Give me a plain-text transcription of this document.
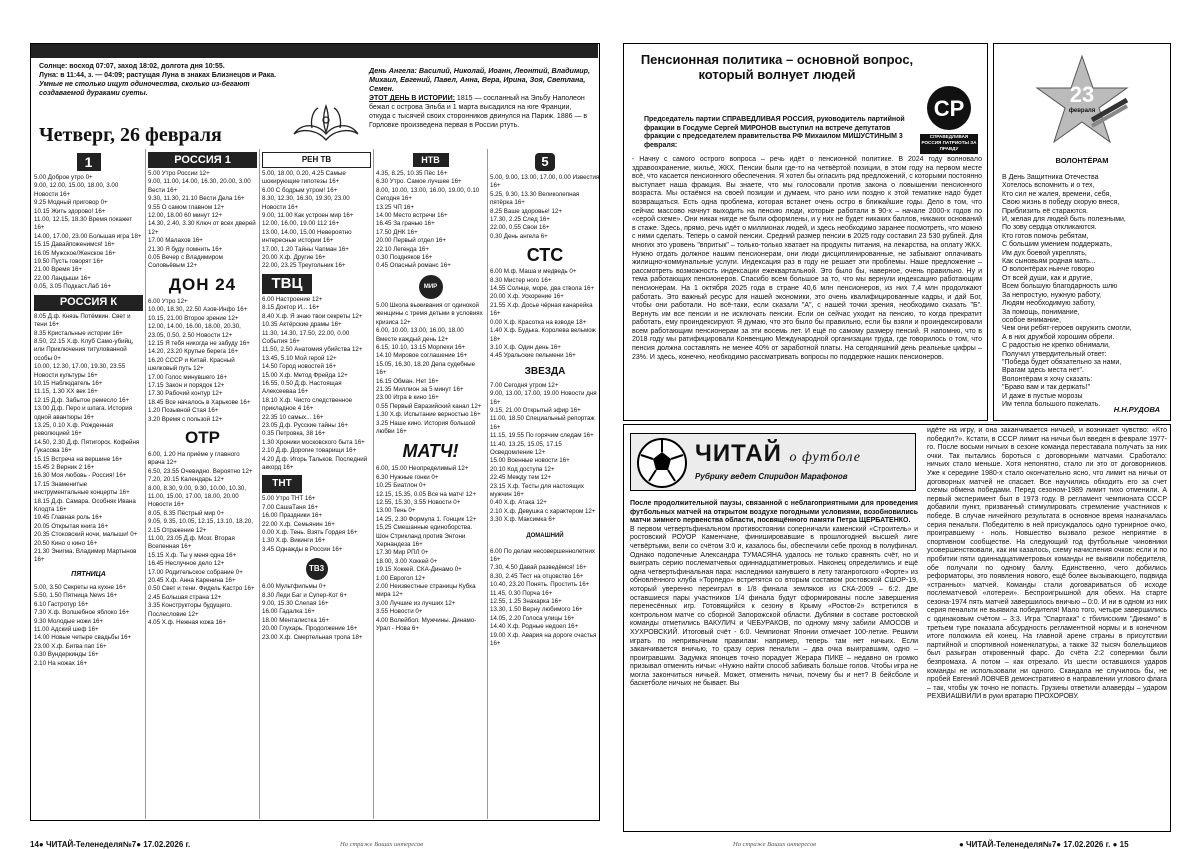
Солнце: восход 07:07, заход 18:02, долгота дня 10:55.

Луна: в 11:44, з. — 04:09; растущая Луна в знаках Близнецов и Рака.

Умные не столько ищут одиночества, сколько из-бегают создаваемой дураками суеты.

Четверг, 26 февраля
День Ангела: Василий, Николай, Иоанн, Леонтий, Владимир, Михаил, Евгений, Павел, Анна, Вера, Ирина, Зоя, Светлана, Семен.
ЭТОТ ДЕНЬ В ИСТОРИИ: 1815 — сосланный на Эльбу Наполеон бежал с острова Эльба и 1 марта высадился на юге Франции, откуда с тысячей своих сторонников двинулся на Париж. 1886 — в Горловке произведена первая в России ртуть.
1

5.00 Доброе утро 0+

9.00, 12.00, 15.00, 18.00, 3.00 Новости 16+

9.25 Модный приговор 0+

10.15 Жить здорово! 16+

11.00, 12.15, 18.30 Время покажет 16+

14.00, 17.00, 23.00 Большая игра 18+

15.15 Давайпоженимся! 16+

16.05 Мужское/Женское 16+

19.50 Пусть говорят 16+

21.00 Время 16+

22.00 Ландыши 16+

0.05, 3.05 Подкаст.Лаб 16+

РОССИЯ К

8.05 Д.ф. Князь Потёмкин. Свет и тени 16+

8.35 Кристальные истории 16+

8.50, 22.15 Х.ф. Клуб Само-убийц, или Приключения титулованной особы 0+

10.00, 12.30, 17.00, 19.30, 23.55 Новости культуры 16+

10.15 Наблюдатель 16+

11.15, 1.30 ХХ век 16+

12.15 Д.ф. Забытое ремесло 16+

13.00 Д.ф. Перо и шпага. История одной авантюры 16+

13.25, 0.10 Х.ф. Рожденная революцией 16+

14.50, 2.30 Д.ф. Пятигорск. Кофейня Гукасова 16+

15.15 Встреча на вершине 16+

15.45 2 Верник 2 16+

16.30 Моя любовь - Россия! 16+

17.15 Знаменитые инструментальные концерты 16+

18.15 Д.ф. Самара. Особняк Ивана Клодта 16+

19.45 Главная роль 16+

20.05 Открытая книга 16+

20.35 Стоковский ночи, малыши! 0+

20.50 Кино о кино 16+

21.30 Энигма. Владимир Мартынов 16+

ПЯТНИЦА

5.00, 3.50 Секреты на кухне 16+

5.50, 1.50 Пятница News 16+

6.10 Гастротур 16+

7.30 Х.ф. Волшебное яблоко 16+

9.30 Молодые ножи 16+

11.00 Адский шеф 16+

14.00 Новые четыре свадьбы 16+

23.00 Х.ф. Битва пап 16+

0.30 Вундеркинды 16+

2.10 На ножах 16+

РОССИЯ 1

5.00 Утро России 12+

9.00, 11.00, 14.00, 16.30, 20.00, 3.00 Вести 16+

9.30, 11.30, 21.10 Вести Дела 16+

9.55 О самом главном 12+

12.00, 18.00 60 минут 12+

14.30, 2.40, 3.30 Ключ от всех дверей 12+

17.00 Малахов 16+

21.30 Я буду помнить 16+

0.05 Вечер с Владимиром Соловьёвым 12+

ДОН 24

6.00 Утро 12+

10.00, 18.30, 22.50 Азов-Инфо 16+

10.15, 21.00 Второе зрение 12+

12.00, 14.00, 16.00, 18.00, 20.30, 23.05, 0.50, 2.50 Новости 12+

12.15 Я тебя никогда не забуду 16+

14.20, 23.20 Крутые берега 16+

16.20 СССР и Китай. Красный шелковый путь 12+

17.00 Голос минувшего 16+

17.15 Закон и порядок 12+

17.30 Рабочий контур 12+

18.45 Все началось в Харькове 16+

1.20 Позывной Стая 16+

3.20 Время с пользой 12+

ОТР

6.00, 1.20 На приёме у главного врача 12+

6.50, 23.55 Очевидно. Вероятно 12+

7.20, 20.15 Календарь 12+

8.00, 8.30, 9.00, 9.30, 10.00, 10.30, 11.00, 15.00, 17.00, 18.00, 20.00 Новости 16+

8.05, 8.35 Пёстрый мир 0+

9.05, 9.35, 10.05, 12.15, 13.10, 18.20, 2.15 Отражение 12+

11.00, 23.05 Д.ф. Мозг. Вторая Вселенная 16+

15.15 Х.ф. Ты у меня одна 16+

16.45 Неслучное дело 12+

17.00 Родительское собрание 0+

20.45 Х.ф. Анна Каренина 16+

0.50 Свет и тени. Фидель Кастро 16+

2.45 Большая страна 12+

3.35 Конструкторы будущего. Послесловие 12+

4.05 Х.ф. Нежная кожа 16+

РЕН ТВ

5.00, 18.00, 0.20, 4.25 Самые шокирующие гипотезы 16+

6.00 С бодрым утром! 16+

8.30, 12.30, 16.30, 19.30, 23.00 Новости 16+

9.00, 11.00 Как устроен мир 16+

12.00, 16.00, 19.00 112 16+

13.00, 14.00, 15.00 Невероятно интересные истории 16+

17.00, 1.20 Тайны Чапман 16+

20.00 Х.ф. Другие 16+

22.00, 23.25 Треугольник 16+

ТВЦ

6.00 Настроение 12+

8.15 Доктор И... 16+

8.40 Х.ф. Я знаю твои секреты 12+

10.35 Актёрские драмы 16+

11.30, 14.30, 17.50, 22.00, 0.00 События 16+

11.50, 2.50 Анатомия убийства 12+

13.45, 5.10 Мой герой 12+

14.50 Город новостей 16+

15.00 Х.ф. Метод Фрейда 12+

16.55, 0.50 Д.ф. Настоящая Алексееваа 16+

18.10 Х.ф. Чисто следственное прикладное 4 16+

22.35 10 самых... 16+

23.05 Д.ф. Русские тайны 16+

0.35 Петровка, 38 16+

1.30 Хроники московского быта 16+

2.10 Д.ф. Дорогие товарищи 16+

4.20 Д.ф. Игорь Тальков. Последний аккорд 16+

ТНТ

5.00 Утро ТНТ 16+

7.00 СашаТаня 16+

16.00 Праздники 16+

22.00 Х.ф. Семьянин 16+

0.00 Х.ф. Тень. Взять Гордея 16+

1.30 Х.ф. Викинги 16+

3.45 Однажды в России 16+

ТВ3

6.00 Мультфильмы 0+

8.30 Леди Баг и Супер-Кот 6+

9.00, 15.30 Слепая 16+

16.00 Гадалка 16+

18.00 Менталистка 16+

20.00 Глухарь. Продолжение 16+

23.00 Х.ф. Смертельная тропа 18+

НТВ

4.35, 8.25, 10.35 Пёс 16+

6.30 Утро. Самое лучшее 16+

8.00, 10.00, 13.00, 16.00, 19.00, 0.10 Сегодня 16+

13.25 ЧП 16+

14.00 Место встречи 16+

16.45 За гранью 16+

17.50 ДНК 16+

20.00 Первый отдел 16+

22.10 Легенда 16+

0.30 Поздняков 16+

0.45 Опасный романс 16+

МИР

5.00 Школа выживания от одинокой женщины с тремя детьми в условиях кризиса 12+

6.00, 10.00, 13.00, 16.00, 18.00 Вместе каждый день 12+

6.15, 10.10, 13.15 Морпехи 16+

14.10 Мировое соглашение 16+

15.05, 16.30, 18.20 Дела судебные 16+

16.15 Обман. Нет 16+

21.35 Миллион за 5 минут 16+

23.00 Игра в кино 16+

0.55 Первый Евразийский канал 12+

1.30 Х.ф. Испытание верностью 16+

3.25 Наше кино. История большой любви 16+

МАТЧ!

6.00, 15.00 Неопределимый 12+

6.30 Нужные гонки 0+

10.25 Биатлон 0+

12.15, 15.35, 0.05 Все на матч! 12+

12.55, 15.30, 3.55 Новости 0+

13.00 Тень 0+

14.25, 2.30 Формула 1. Гонщик 12+

15.25 Смешанные единоборства. Шон Стрикланд против Энтони Хернандеза 16+

17.30 Мир РПЛ 0+

18.00, 3.00 Хоккей 0+

19.15 Хоккей. СКА-Динамо 0+

1.00 Еврогол 12+

2.00 Неизвестные страницы Кубка мира 12+

3.00 Лучшие из лучших 12+

3.55 Новости 0+

4.00 Волейбол. Мужчины. Динамо-Урал - Нова 6+

5

5.00, 9.00, 13.00, 17.00, 0.00 Известия 16+

5.25, 9.30, 13.30 Великолепная пятёрка 16+

8.25 Ваше здоровье! 12+

17.30, 2.25 След 16+

22.00, 0.55 Свои 16+

0.30 День ангела 6+

СТС

6.00 М.ф. Маша и медведь 0+

8.30 Мистер ного 16+

14.55 Солнце, море, два ствола 16+

20.00 Х.ф. Ускорение 16+

21.55 Х.ф. Досье чёрная канарейка 16+

0.00 Х.ф. Красотка на взводе 18+

1.40 Х.ф. Будька. Королева вельмож 18+

3.10 Х.ф. Один день 16+

4.45 Уральские пельмени 16+

ЗВЕЗДА

7.00 Сегодня утром 12+

9.00, 13.00, 17.00, 19.00 Новости дня 16+

9.15, 21.00 Открытый эфир 16+

11.00, 18.50 Специальный репортаж 16+

11.15, 19.55 По горячим следам 16+

11.40, 13.25, 15.05, 17.15 Осведомление 12+

15.00 Военные новости 16+

20.10 Код доступа 12+

22.45 Между тем 12+

23.15 Х.ф. Тесты для настоящих мужчин 16+

0.40 Х.ф. Атака 12+

2.10 Х.ф. Девушка с характером 12+

3.30 Х.ф. Максимка 6+

ДОМАШНИЙ

6.00 По делам несовершеннолетних 16+

7.30, 4.50 Давай разведёмся! 16+

8.30, 2.45 Тест на отцовство 16+

10.40, 23.20 Понять. Простить 16+

11.45, 0.30 Порча 16+

12.55, 1.25 Знахарка 16+

13.30, 1.50 Верну любимого 16+

14.05, 2.20 Голоса улицы 16+

14.40 Х.ф. Родные недоел 16+

19.00 Х.ф. Авария на дороге счастья 16+

14● ЧИТАЙ-Теленеделя№7● 17.02.2026 г.	На страже Ваших интересов
Пенсионная политика – основной вопрос, который волнует людей
СР
СПРАВЕДЛИВАЯ РОССИЯ ПАТРИОТЫ ЗА ПРАВДУ
Председатель партии СПРАВЕДЛИВАЯ РОССИЯ, руководитель партийной фракции в Госдуме Сергей МИРОНОВ выступил на встрече депутатов фракции с председателем правительства РФ Михаилом МИШУСТИНЫМ 3 февраля:
- Начну с самого острого вопроса – речь идёт о пенсионной политике. В 2024 году волновало здравоохранение, жильё, ЖКХ. Пенсии были где-то на четвёртой позиции, в этом году на первом месте всё, что касается пенсионного обеспечения. Я хотел бы огласить ряд предложений, с которыми постоянно выступает наша фракция. Вы знаете, что мы голосовали против закона о повышении пенсионного возраста. Мы остаёмся на своей позиции и думаем, что рано или поздно к этой тематике надо будет возвращаться. Есть одна проблема, которая встанет очень остро в ближайшие годы. Дело в том, что сейчас массово начнут выходить на пенсию люди, которые работали в 90-х – начале 2000-х годов по «серой схеме». Они никак нигде не были оформлены, и у них не будет никаких баллов, никаких оснований в стаже. Здесь, прямо, речь идёт о миллионах людей, и здесь необходимо заранее посмотреть, что можно с ними сделать. Теперь о самой пенсии. Средний размер пенсии в 2025 году составил 23 530 рублей. Для многих это уровень "впритык" – только-только хватает на продукты питания, на лекарства, на оплату ЖКХ. Нужно отдать должное нашим пенсионерам, они люди дисциплинированные, не забывают оплачивать жилищно-коммунальные услуги. Индексация раз в году не решает эти проблемы. Наше предложение – рассмотреть возможность индексации ежеквартальной. Это было бы, наверное, очень правильно. Ну и тема работающих пенсионеров. Спасибо всем большое за то, что мы вернули индексацию работающим пенсионерам. На 1 октября 2025 года в стране 40,6 млн пенсионеров, из них 7,4 млн продолжают работать. Это важный ресурс для нашей экономики, это очень квалифицированные кадры, и дай Бог, чтобы они работали. Но всё-таки, если сказали "А", с нашей точки зрения, необходимо сказать "Б". Вернуть им все пенсии и не исключать пенсии. Если он сейчас уходит на пенсию, то когда прекратит работать, ему проиндексируют. Я думаю, что это было бы правильно, если бы взяли и проиндексировали всем работающим пенсионерам за эти восемь лет. И ещё по самому размеру пенсий. Я напомню, что в 2018 году мы ратифицировали Конвенцию Международной организации труда, где говорилось о том, что пенсия должна составлять не менее 40% от заработной платы. На сегодняшний день реальные цифры – 23%. И здесь, конечно, необходимо рассматривать вопросы по поддержке наших пенсионеров.
23
февраля
ВОЛОНТЁРАМ

В День Защитника Отечества

Хотелось вспомнить и о тех,

Кто сил не жалея, времени, себя,

Свою жизнь в победу скорую внеся,

Приблизить её стараются.

И, желая для людей быть полезными,

По зову сердца откликаются.

Кто готов помочь ребятам,

С большим умением поддержать,

Им дух боевой укреплять,

Как сыновьям родная мать...

О волонтёрах нынче говорю

От всей души, как и другие,

Всем большую благодарность шлю

За непростую, нужную работу,

Людям необходимую заботу,

За помощь, понимание,

особое внимание,

Чем они ребят-героев окружить смогли,

А в них дружбой хорошим обрели.

С радостью не крепко обнимали,

Получил утвердительный ответ:

"Победа будет обязательно за нами,

Врагам здесь места нет".

Волонтёрам я хочу сказать:

"Браво вам и так держать!"

И даже в пустые морозы

Им тепла большого пожелать.

Н.Н.РУДОВА
ЧИТАЙ о футболе
Рубрику ведет Спиридон Марафонов

После продолжительной паузы, связанной с неблагоприятными для проведения футбольных матчей на открытом воздухе погодными условиями, возобновились матчи зимнего первенства области, посвящённого памяти Петра ЩЕРБАТЕНКО.

В первом четвертьфинальном противостоянии соперничали каменский «Строитель» и ростовский РОУОР Каменчане, финишировавшие в прошлогодней высшей лиге четвёртыми, вели со счётом 3:0 и, казалось бы, обеспечили себе проход в полуфинал. Однако подопечные Александра ТУМАСЯНА удалось не только сравнять счёт, но и выиграть серию послематчевых одиннадцатиметровых. Наконец определились и ещё одна четвертьфинальная пара: наследники канувшего в лету таганрогского «Форте» из обновлённого клуба «Торпедо» встретятся со вторым составом ростовской СШОР-19, который уверенно переиграл в 1/8 финала земляков из СКА-2009 – 6:2. Две оставшиеся пары участников 1/4 финала будут сформированы после завершения перенесённых игр. Готовящийся к сезону в Крыму «Ростов-2» встретился в контрольном матче со сборной Запорожской области. Дублями в составе ростовской команды отметились ВАКУЛИЧ и ЧЕБУРАКОВ, по одному мячу забили АМОСОВ и ХУХРОВСКИЙ. Итоговый счёт - 6:0. Чемпионат Японии отмечает 100-летие. Решили играть по непривычным правилам: например, теперь там нет ничьих. Если заканчивается вничью, то сразу серия пенальти – два очка выигравшим, одно – проигравшим. Задумка японцев точно порадует Жерара ПИКЕ – недавно он громко призывал отменить ничьи: «Нужно найти способ забивать больше голов. Чтобы игра не могла закончиться ничьей. Может, отменить ничьи, почему бы и нет? В бейсболе и баскетболе ничьих не бывает. Вы

идёте на игру, и она заканчивается ничьей, и возникает чувство: «Кто победил?». Кстати, в СССР лимит на ничьи был введен в феврале 1977-го. После восьми ничьих в сезоне команда переставала получать за них очки. Так пытались бороться с договорными матчами. Сработало: ничьих стало меньше. Хотя непонятно, стало ли это от договорников. Уже к середине 1980-х стало окончательно ясно, что лимит на ничьи от договорных матчей не спасает. Все научились обходить его за счет схемы обмена победами. Перед сезоном-1989 лимит тихо отменили. А первый эксперимент был в 1973 году. В регламент чемпионата СССР добавили пункт, призванный стимулировать стремление участников к победе. В случае ничейного результата в основное время назначалась серия пенальти. Победителю в ней присуждалось одно турнирное очко, проигравшему - ноль. Новшество вызвало резкое неприятие в спортивном сообществе. На следующий год футбольные чиновники усовершенствовали, как им казалось, схему начисления очков: если и по пробитии пяти одиннадцатиметровых команды не выявили победителя, обе получали по одному баллу. Единственно, чего добились реформаторы, это появления нового, ещё более вызывающего, подвида «странных» матчей. Команды стали договариваться об исходе послематчевой «лотереи». Беспроигрышной для обеих. На старте сезона-1974 пять матчей завершилось вничью – 0:0. И ни в одном из них серия пенальти не выявила победителя! Мало того, четыре завершились с одинаковым счётом – 3:3. Игра "Спартака" с тбилисским "Динамо" в третьем туре показала абсурдность регламентной нормы и в конечном итоге положила ей конец. На главной арене страны в присутствии партийной и спортивной номенклатуры, а также 32 тысяч болельщиков был разыгран откровенный фарс. До счёта 2:2 соперники были безпромаха. А потом – как отрезало. Из шести оставшихся ударов команды не использовали ни одного. Скандала не случилось бы, не пробей Евгений ЛОВЧЕВ демонстративно в направлении углового флага – так, чтобы уж точно не попасть. Грузины ответили алаверды – ударом РЕХВИАШВИЛИ в руки вратарю ПРОХОРОВУ.
На страже Ваших интересов	● ЧИТАЙ-Теленеделя№7● 17.02.2026 г. ● 15
